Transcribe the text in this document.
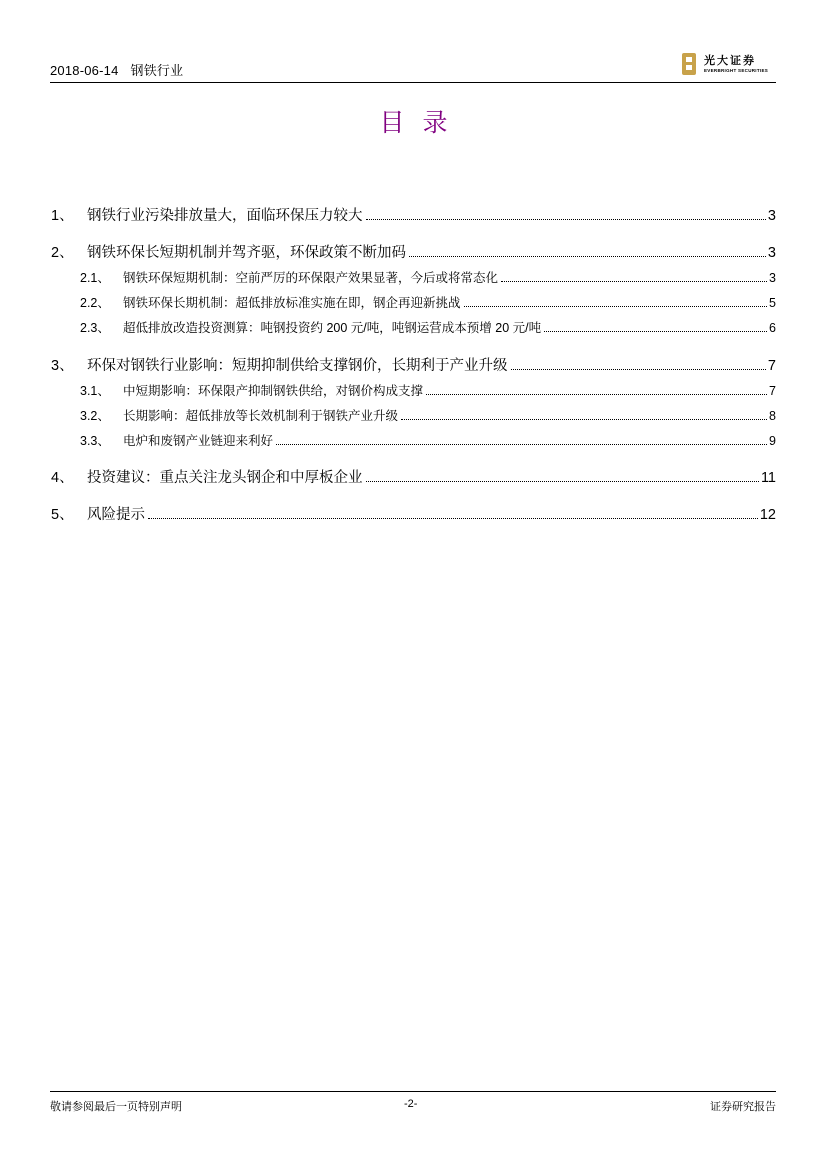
2018-06-14 钢铁行业
光大证券
EVERBRIGHT SECURITIES
目录
1、 钢铁行业污染排放量大，面临环保压力较大	3
2、 钢铁环保长短期机制并驾齐驱，环保政策不断加码	3
2.1、	钢铁环保短期机制：空前严厉的环保限产效果显著，今后或将常态化	3
2.2、	钢铁环保长期机制：超低排放标准实施在即，钢企再迎新挑战	5
2.3、	超低排放改造投资测算：吨钢投资约 200 元/吨，吨钢运营成本预增 20 元/吨	6
3、 环保对钢铁行业影响：短期抑制供给支撑钢价，长期利于产业升级	7
3.1、	中短期影响：环保限产抑制钢铁供给，对钢价构成支撑	7
3.2、	长期影响：超低排放等长效机制利于钢铁产业升级	8
3.3、	电炉和废钢产业链迎来利好	9
4、 投资建议：重点关注龙头钢企和中厚板企业	11
5、 风险提示	12
敬请参阅最后一页特别声明	-2-	证券研究报告
